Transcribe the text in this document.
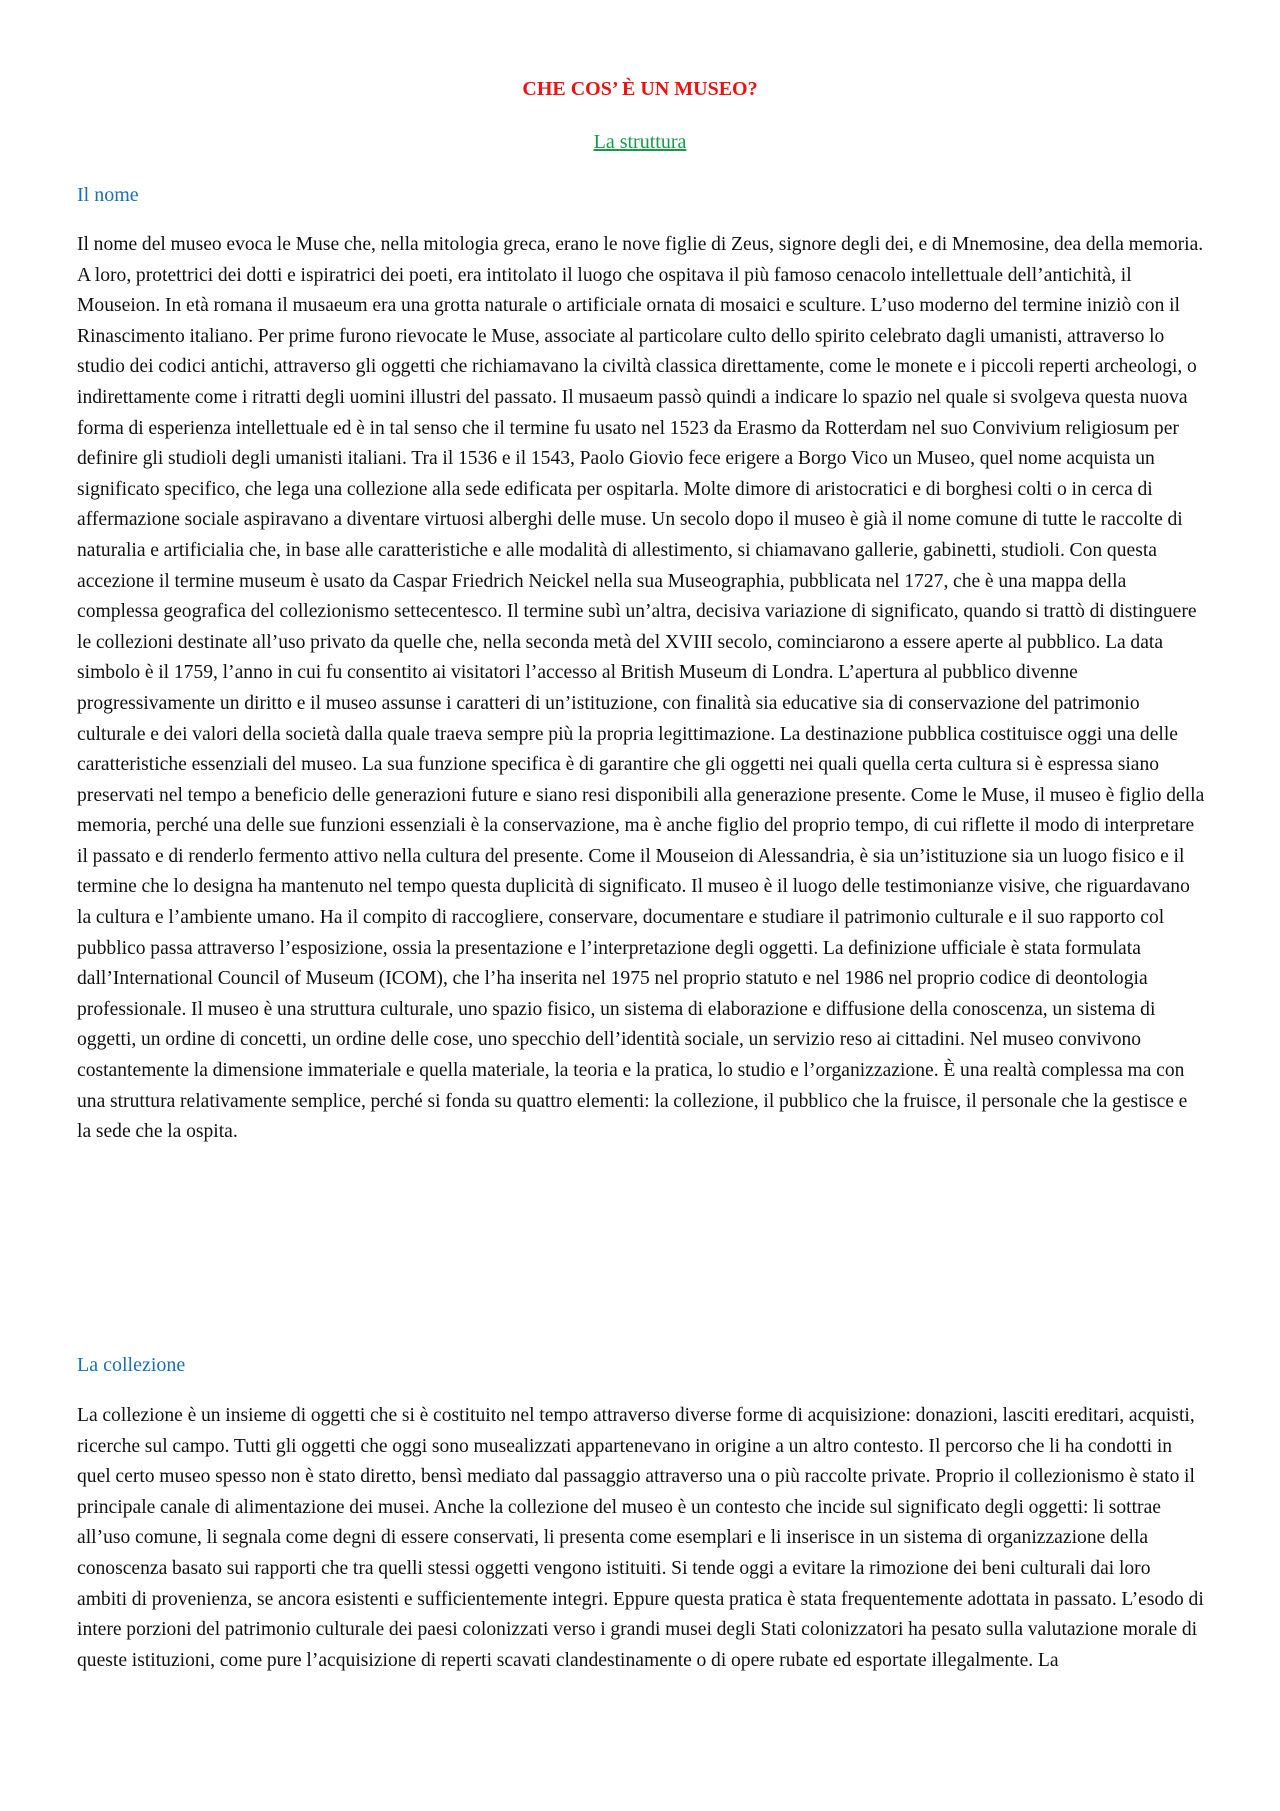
CHE COS’ È UN MUSEO?
La struttura
Il nome

Il nome del museo evoca le Muse che, nella mitologia greca, erano le nove figlie di Zeus, signore degli dei, e di Mnemosine, dea della memoria. A loro, protettrici dei dotti e ispiratrici dei poeti, era intitolato il luogo che ospitava il più famoso cenacolo intellettuale dell’antichità, il Mouseion. In età romana il musaeum era una grotta naturale o artificiale ornata di mosaici e sculture. L’uso moderno del termine iniziò con il Rinascimento italiano. Per prime furono rievocate le Muse, associate al particolare culto dello spirito celebrato dagli umanisti, attraverso lo studio dei codici antichi, attraverso gli oggetti che richiamavano la civiltà classica direttamente, come le monete e i piccoli reperti archeologi, o indirettamente come i ritratti degli uomini illustri del passato. Il musaeum passò quindi a indicare lo spazio nel quale si svolgeva questa nuova forma di esperienza intellettuale ed è in tal senso che il termine fu usato nel 1523 da Erasmo da Rotterdam nel suo Convivium religiosum per definire gli studioli degli umanisti italiani. Tra il 1536 e il 1543, Paolo Giovio fece erigere a Borgo Vico un Museo, quel nome acquista un significato specifico, che lega una collezione alla sede edificata per ospitarla. Molte dimore di aristocratici e di borghesi colti o in cerca di affermazione sociale aspiravano a diventare virtuosi alberghi delle muse. Un secolo dopo il museo è già il nome comune di tutte le raccolte di naturalia e artificialia che, in base alle caratteristiche e alle modalità di allestimento, si chiamavano gallerie, gabinetti, studioli. Con questa accezione il termine museum è usato da Caspar Friedrich Neickel nella sua Museographia, pubblicata nel 1727, che è una mappa della complessa geografica del collezionismo settecentesco. Il termine subì un’altra, decisiva variazione di significato, quando si trattò di distinguere le collezioni destinate all’uso privato da quelle che, nella seconda metà del XVIII secolo, cominciarono a essere aperte al pubblico. La data simbolo è il 1759, l’anno in cui fu consentito ai visitatori l’accesso al British Museum di Londra. L’apertura al pubblico divenne progressivamente un diritto e il museo assunse i caratteri di un’istituzione, con finalità sia educative sia di conservazione del patrimonio culturale e dei valori della società dalla quale traeva sempre più la propria legittimazione. La destinazione pubblica costituisce oggi una delle caratteristiche essenziali del museo. La sua funzione specifica è di garantire che gli oggetti nei quali quella certa cultura si è espressa siano preservati nel tempo a beneficio delle generazioni future e siano resi disponibili alla generazione presente. Come le Muse, il museo è figlio della memoria, perché una delle sue funzioni essenziali è la conservazione, ma è anche figlio del proprio tempo, di cui riflette il modo di interpretare il passato e di renderlo fermento attivo nella cultura del presente. Come il Mouseion di Alessandria, è sia un’istituzione sia un luogo fisico e il termine che lo designa ha mantenuto nel tempo questa duplicità di significato. Il museo è il luogo delle testimonianze visive, che riguardavano la cultura e l’ambiente umano. Ha il compito di raccogliere, conservare, documentare e studiare il patrimonio culturale e il suo rapporto col pubblico passa attraverso l’esposizione, ossia la presentazione e l’interpretazione degli oggetti. La definizione ufficiale è stata formulata dall’International Council of Museum (ICOM), che l’ha inserita nel 1975 nel proprio statuto e nel 1986 nel proprio codice di deontologia professionale. Il museo è una struttura culturale, uno spazio fisico, un sistema di elaborazione e diffusione della conoscenza, un sistema di oggetti, un ordine di concetti, un ordine delle cose, uno specchio dell’identità sociale, un servizio reso ai cittadini. Nel museo convivono costantemente la dimensione immateriale e quella materiale, la teoria e la pratica, lo studio e l’organizzazione. È una realtà complessa ma con una struttura relativamente semplice, perché si fonda su quattro elementi: la collezione, il pubblico che la fruisce, il personale che la gestisce e la sede che la ospita.

La collezione

La collezione è un insieme di oggetti che si è costituito nel tempo attraverso diverse forme di acquisizione: donazioni, lasciti ereditari, acquisti, ricerche sul campo. Tutti gli oggetti che oggi sono musealizzati appartenevano in origine a un altro contesto. Il percorso che li ha condotti in quel certo museo spesso non è stato diretto, bensì mediato dal passaggio attraverso una o più raccolte private. Proprio il collezionismo è stato il principale canale di alimentazione dei musei. Anche la collezione del museo è un contesto che incide sul significato degli oggetti: li sottrae all’uso comune, li segnala come degni di essere conservati, li presenta come esemplari e li inserisce in un sistema di organizzazione della conoscenza basato sui rapporti che tra quelli stessi oggetti vengono istituiti. Si tende oggi a evitare la rimozione dei beni culturali dai loro ambiti di provenienza, se ancora esistenti e sufficientemente integri. Eppure questa pratica è stata frequentemente adottata in passato. L’esodo di intere porzioni del patrimonio culturale dei paesi colonizzati verso i grandi musei degli Stati colonizzatori ha pesato sulla valutazione morale di queste istituzioni, come pure l’acquisizione di reperti scavati clandestinamente o di opere rubate ed esportate illegalmente. La
